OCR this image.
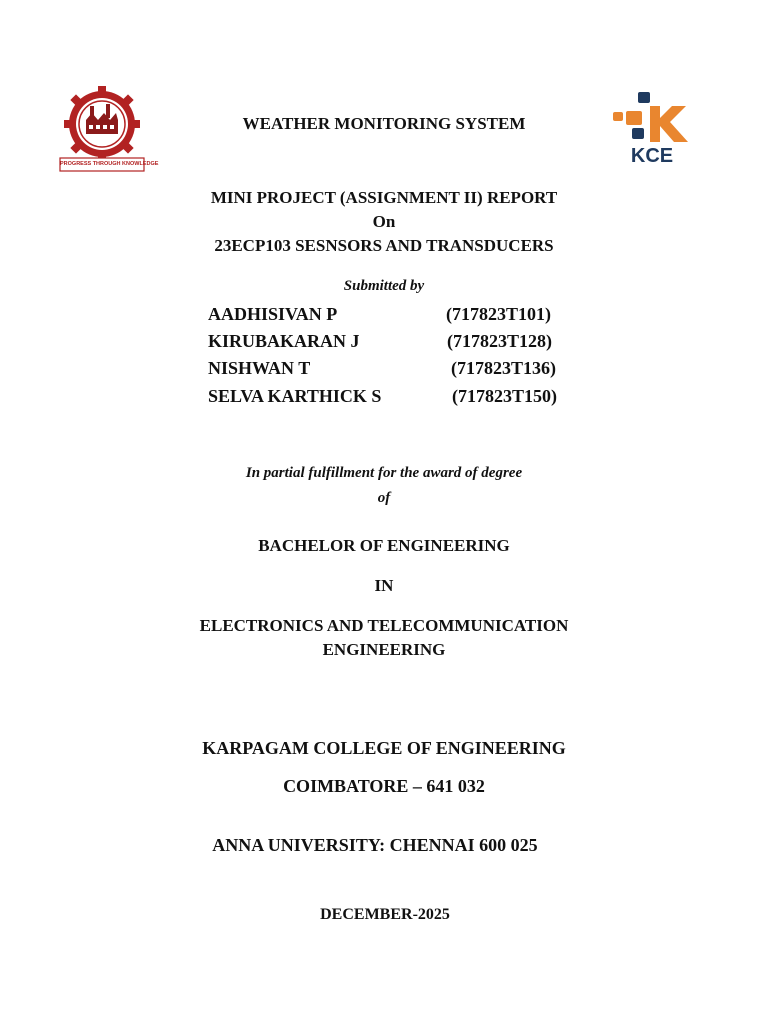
PROGRESS THROUGH KNOWLEDGE	KCE
WEATHER MONITORING SYSTEM
MINI PROJECT (ASSIGNMENT II) REPORT
On
23ECP103 SESNSORS AND TRANSDUCERS
Submitted by
AADHISIVAN P	(717823T101)
KIRUBAKARAN J	(717823T128)
NISHWAN T	(717823T136)
SELVA KARTHICK S	(717823T150)
In partial fulfillment for the award of degree
of
BACHELOR OF ENGINEERING
IN
ELECTRONICS AND TELECOMMUNICATION
ENGINEERING
KARPAGAM COLLEGE OF ENGINEERING
COIMBATORE – 641 032
ANNA UNIVERSITY: CHENNAI 600 025
DECEMBER-2025
